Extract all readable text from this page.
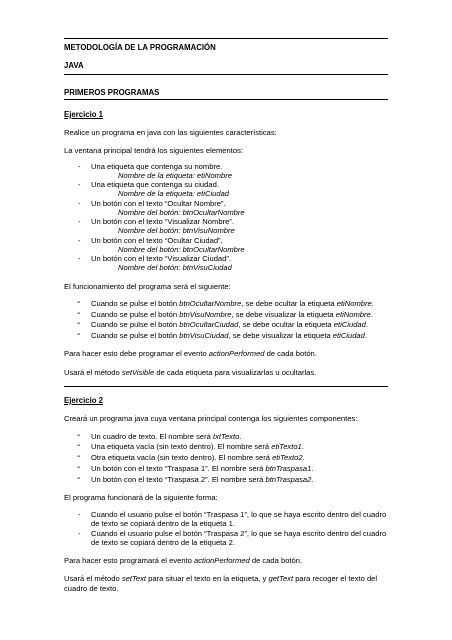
METODOLOGÍA DE LA PROGRAMACIÓN
JAVA
PRIMEROS PROGRAMAS
Ejercicio 1

Realice un programa en java con las siguientes características:

La ventana principal tendrá los siguientes elementos:

- Una etiqueta que contenga su nombre.
Nombre de la etiqueta: etiNombre
- Una etiqueta que contenga su ciudad.
Nombre de la etiqueta: etiCiudad
- Un botón con el texto “Ocultar Nombre”.
Nombre del botón: btnOcultarNombre
- Un botón con el texto “Visualizar Nombre”.
Nombre del botón: btnVisuNombre
- Un botón con el texto “Ocultar Ciudad”.
Nombre del botón: btnOcultarNombre
- Un botón con el texto “Visualizar Ciudad”.
Nombre del botón: btnVisuCiudad

El funcionamiento del programa será el siguiente:

- Cuando se pulse el botón btnOcultarNombre, se debe ocultar la etiqueta etiNombre.
- Cuando se pulse el botón btnVisuNombre, se debe visualizar la etiqueta etiNombre.
- Cuando se pulse el botón btnOcultarCiudad, se debe ocultar la etiqueta etiCiudad.
- Cuando se pulse el botón btnVisuCiudad, se debe visualizar la etiqueta etiCiudad.

Para hacer esto debe programar el evento actionPerformed de cada botón.

Usará el método setVisible de cada etiqueta para visualizarlas u ocultarlas.

Ejercicio 2

Creará un programa java cuya ventana principal contenga los siguientes componentes:

- Un cuadro de texto. El nombre será txtTexto.
- Una etiqueta vacía (sin texto dentro). El nombre será etiTexto1.
- Otra etiqueta vacía (sin texto dentro). El nombre será etiTexto2.
- Un botón con el texto “Traspasa 1”. El nombre será btnTraspasa1.
- Un botón con el texto “Traspasa 2”. El nombre será btnTraspasa2.

El programa funcionará de la siguiente forma:

- Cuando el usuario pulse el botón “Traspasa 1”, lo que se haya escrito dentro del cuadro de texto se copiará dentro de la etiqueta 1.
- Cuando el usuario pulse el botón “Traspasa 2”, lo que se haya escrito dentro del cuadro de texto se copiará dentro de la etiqueta 2.

Para hacer esto programará el evento actionPerformed de cada botón.

Usará el método setText para situar el texto en la etiqueta, y getText para recoger el texto del cuadro de texto.
